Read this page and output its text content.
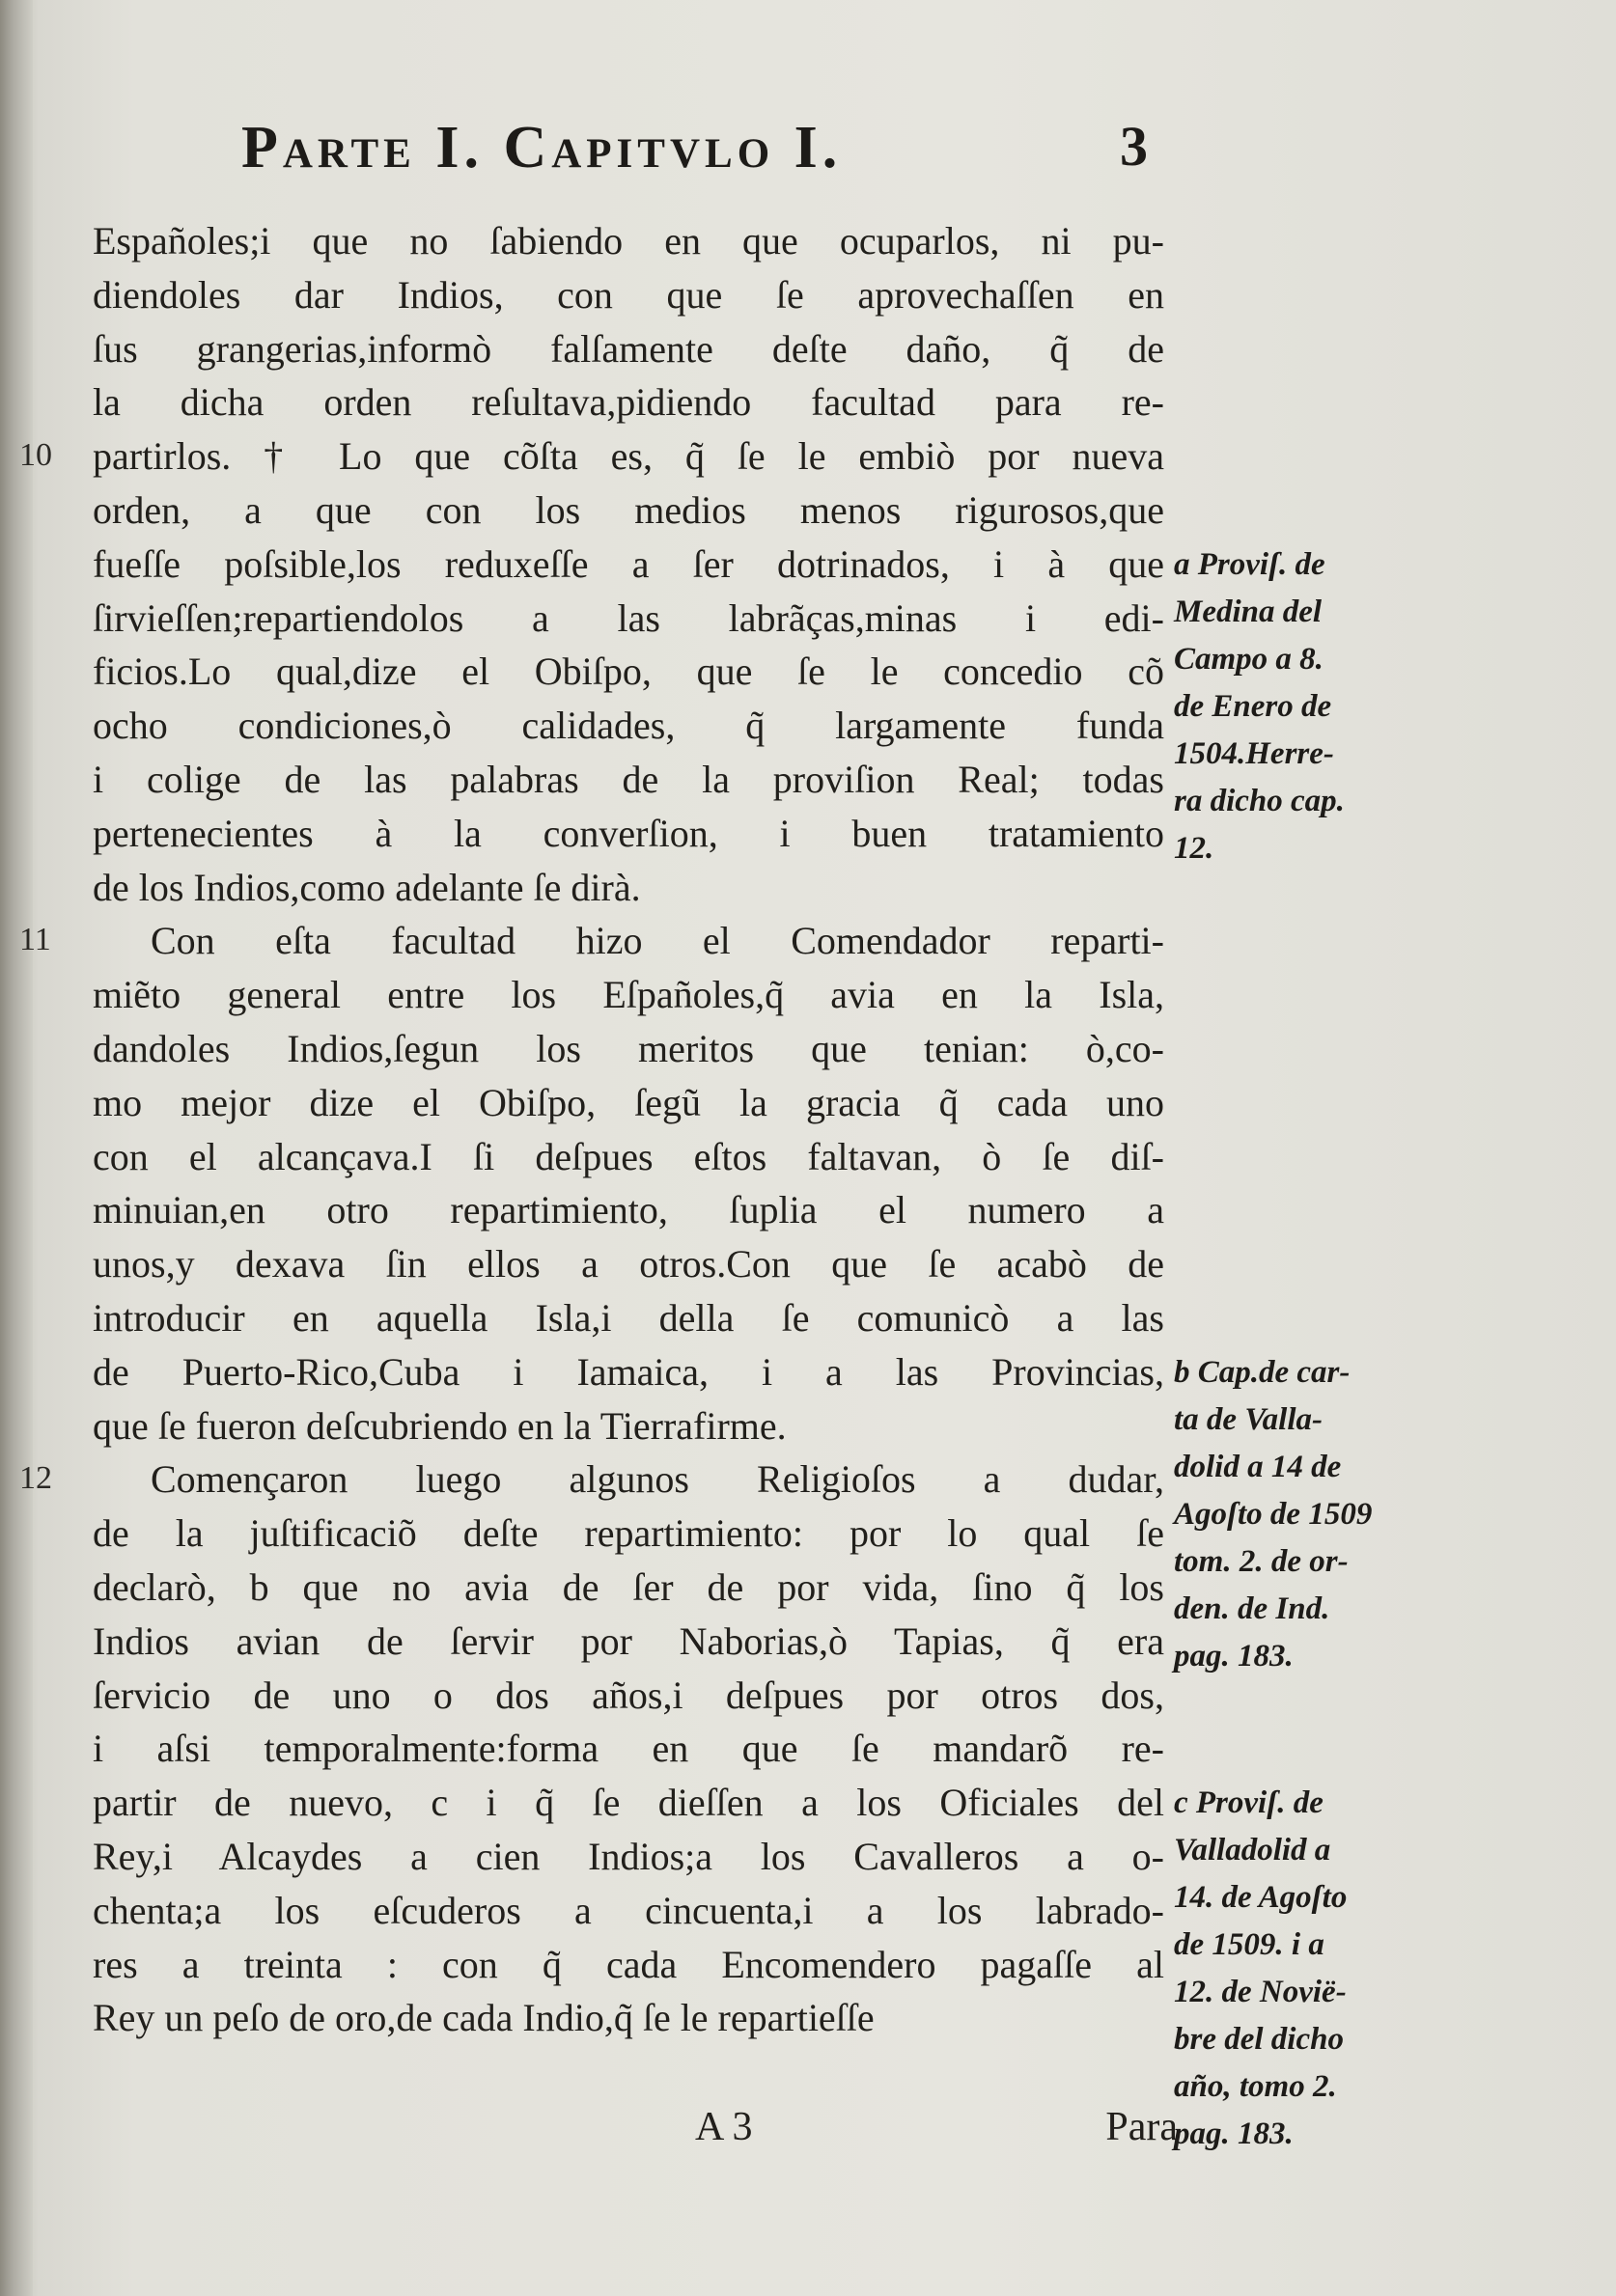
Parte I. Capitvlo I.	3
Españoles;i que no ſabiendo en que ocuparlos, ni pu-
diendoles dar Indios, con que ſe aprovechaſſen en
ſus grangerias,informò falſamente deſte daño, q̃ de
la dicha orden reſultava,pidiendo facultad para re-
partirlos. † Lo que cõſta es, q̃ ſe le embiò por nueva
orden, a que con los medios menos rigurosos,que
fueſſe poſsible,los reduxeſſe a ſer dotrinados, i à que
ſirvieſſen;repartiendolos a las labrãças,minas i edi-
ficios.Lo qual,dize el Obiſpo, que ſe le concedio cõ
ocho condiciones,ò calidades, q̃ largamente funda
i colige de las palabras de la proviſion Real; todas
pertenecientes à la converſion, i buen tratamiento
de los Indios,como adelante ſe dirà.
Con eſta facultad hizo el Comendador reparti-
miẽto general entre los Eſpañoles,q̃ avia en la Isla,
dandoles Indios,ſegun los meritos que tenian: ò,co-
mo mejor dize el Obiſpo, ſegũ la gracia q̃ cada uno
con el alcançava.I ſi deſpues eſtos faltavan, ò ſe diſ-
minuian,en otro repartimiento, ſuplia el numero a
unos,y dexava ſin ellos a otros.Con que ſe acabò de
introducir en aquella Isla,i della ſe comunicò a las
de Puerto-Rico,Cuba i Iamaica, i a las Provincias,
que ſe fueron deſcubriendo en la Tierrafirme.
Començaron luego algunos Religioſos a dudar,
de la juſtificaciõ deſte repartimiento: por lo qual ſe
declarò, b que no avia de ſer de por vida, ſino q̃ los
Indios avian de ſervir por Naborias,ò Tapias, q̃ era
ſervicio de uno o dos años,i deſpues por otros dos,
i aſsi temporalmente:forma en que ſe mandarõ re-
partir de nuevo, c i q̃ ſe dieſſen a los Oficiales del
Rey,i Alcaydes a cien Indios;a los Cavalleros a o-
chenta;a los eſcuderos a cincuenta,i a los labrado-
res a treinta : con q̃ cada Encomendero pagaſſe al
Rey un peſo de oro,de cada Indio,q̃ ſe le repartieſſe
10
11
12
a Proviſ. de
Medina del
Campo a 8.
de Enero de
1504.Herre-
ra dicho cap.
12.
b Cap.de car-
ta de Valla-
dolid a 14 de
Agoſto de 1509
tom. 2. de or-
den. de Ind.
pag. 183.
c Proviſ. de
Valladolid a
14. de Agoſto
de 1509. i a
12. de Novië-
bre del dicho
año, tomo 2.
pag. 183.
A 3	Para
